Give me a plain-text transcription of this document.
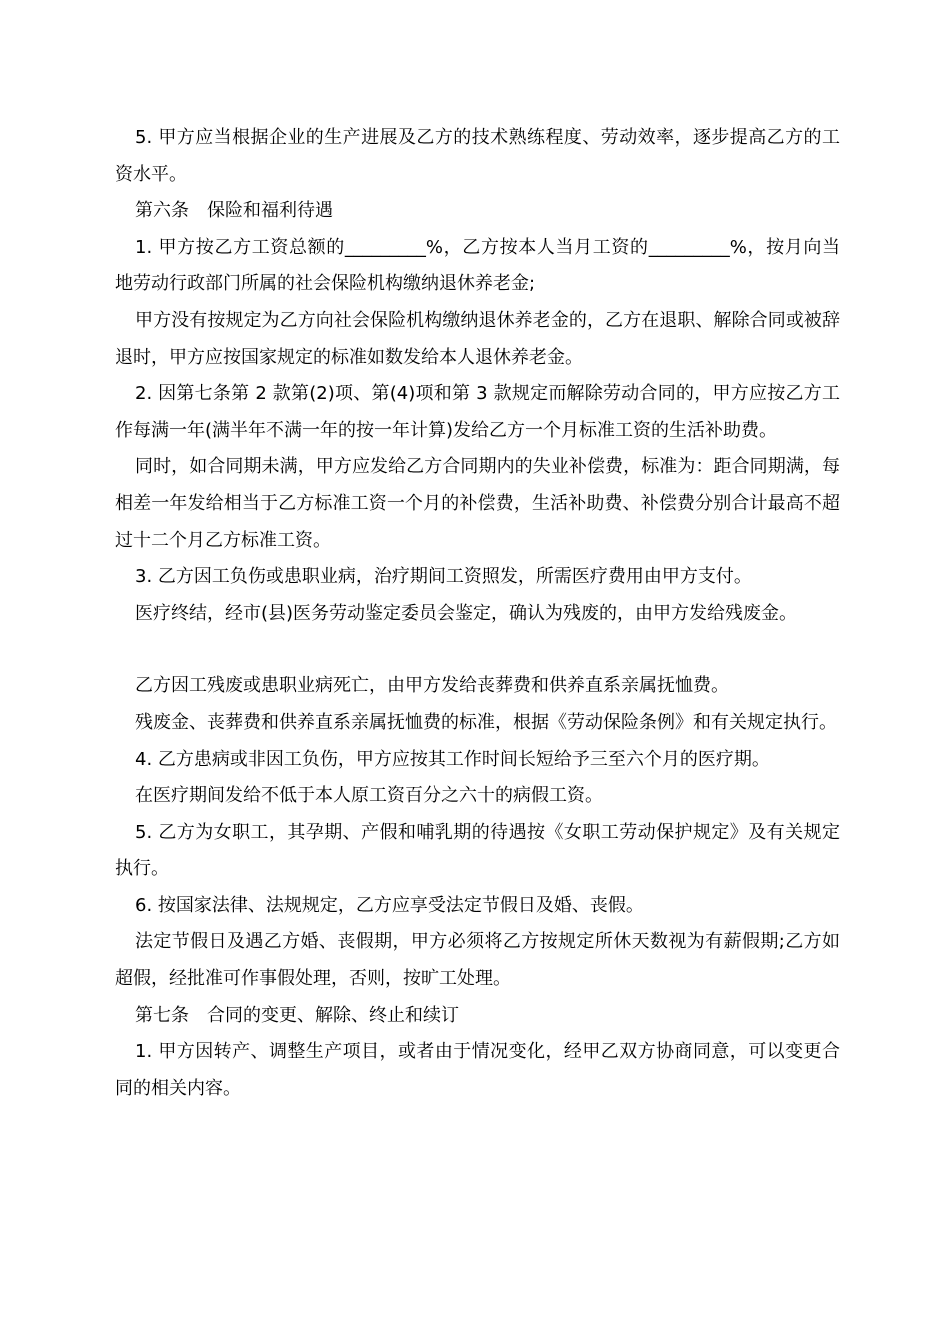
5. 甲方应当根据企业的生产进展及乙方的技术熟练程度、劳动效率，逐步提高乙方的工资水平。

第六条　保险和福利待遇

1. 甲方按乙方工资总额的_________%，乙方按本人当月工资的_________%，按月向当地劳动行政部门所属的社会保险机构缴纳退休养老金;

甲方没有按规定为乙方向社会保险机构缴纳退休养老金的，乙方在退职、解除合同或被辞退时，甲方应按国家规定的标准如数发给本人退休养老金。

2. 因第七条第 2 款第(2)项、第(4)项和第 3 款规定而解除劳动合同的，甲方应按乙方工作每满一年(满半年不满一年的按一年计算)发给乙方一个月标准工资的生活补助费。

同时，如合同期未满，甲方应发给乙方合同期内的失业补偿费，标准为：距合同期满，每相差一年发给相当于乙方标准工资一个月的补偿费，生活补助费、补偿费分别合计最高不超过十二个月乙方标准工资。

3. 乙方因工负伤或患职业病，治疗期间工资照发，所需医疗费用由甲方支付。

医疗终结，经市(县)医务劳动鉴定委员会鉴定，确认为残废的，由甲方发给残废金。

乙方因工残废或患职业病死亡，由甲方发给丧葬费和供养直系亲属抚恤费。

残废金、丧葬费和供养直系亲属抚恤费的标准，根据《劳动保险条例》和有关规定执行。

4. 乙方患病或非因工负伤，甲方应按其工作时间长短给予三至六个月的医疗期。

在医疗期间发给不低于本人原工资百分之六十的病假工资。

5. 乙方为女职工，其孕期、产假和哺乳期的待遇按《女职工劳动保护规定》及有关规定执行。

6. 按国家法律、法规规定，乙方应享受法定节假日及婚、丧假。

法定节假日及遇乙方婚、丧假期，甲方必须将乙方按规定所休天数视为有薪假期;乙方如超假，经批准可作事假处理，否则，按旷工处理。

第七条　合同的变更、解除、终止和续订

1. 甲方因转产、调整生产项目，或者由于情况变化，经甲乙双方协商同意，可以变更合同的相关内容。
